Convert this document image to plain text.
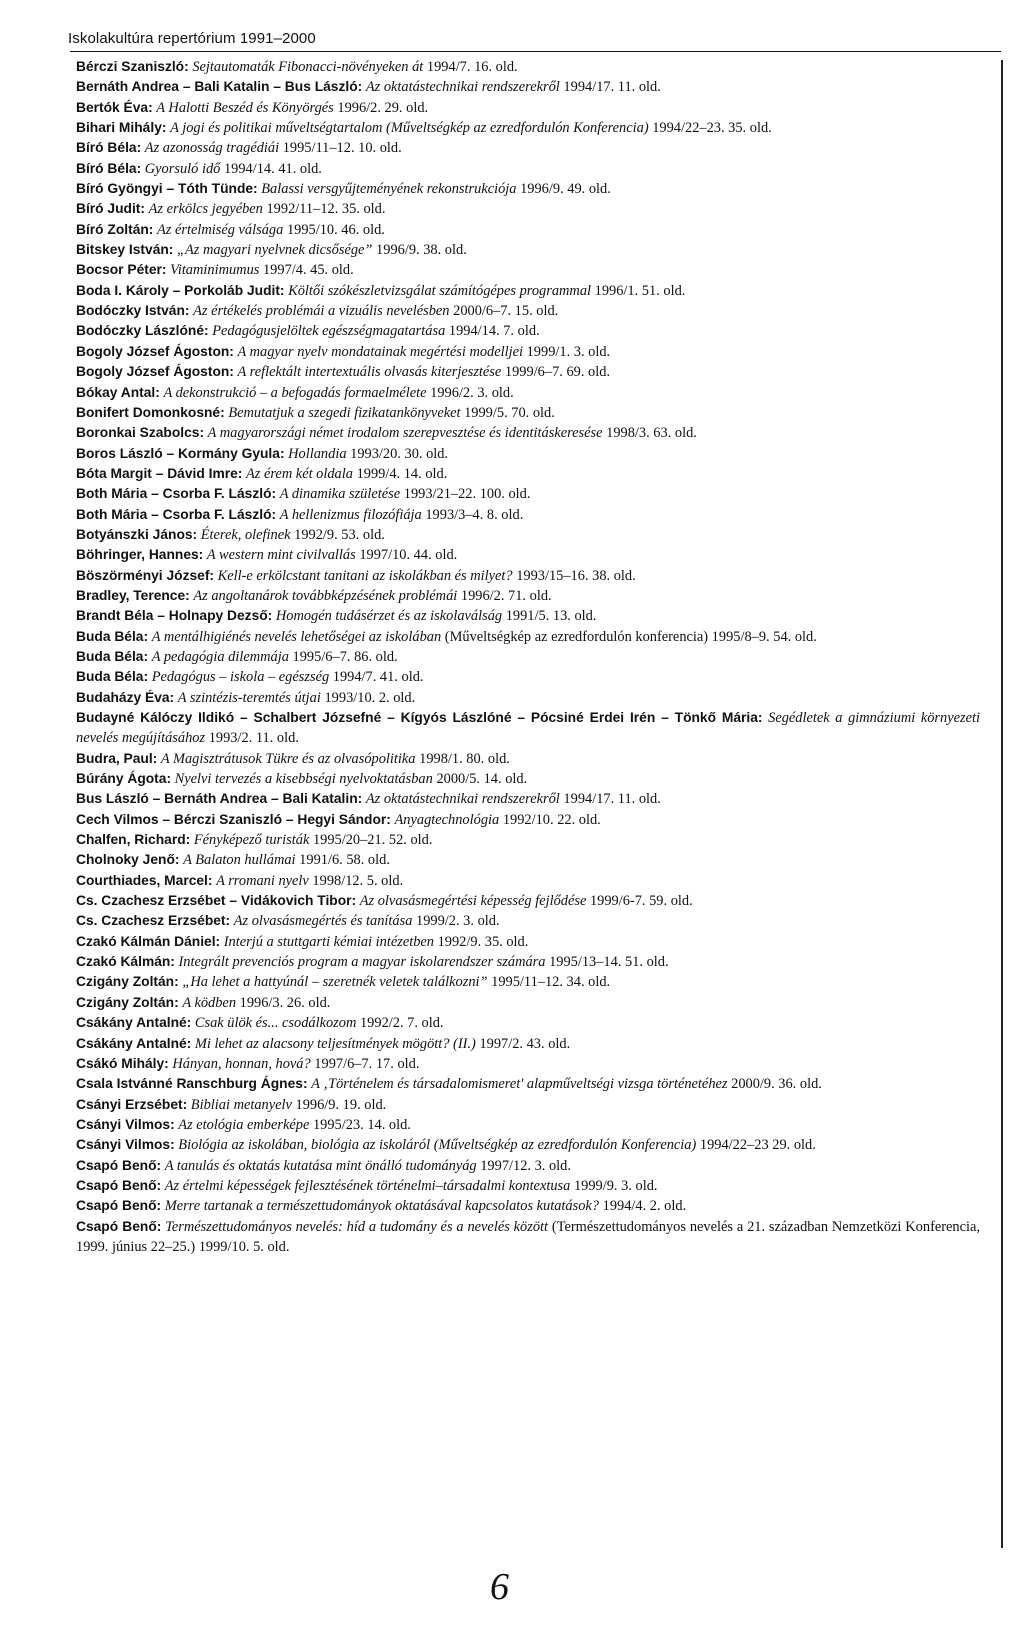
Iskolakultúra repertórium 1991–2000

Bérczi Szaniszló: Sejtautomaták Fibonacci-növényeken át 1994/7. 16. old.

Bernáth Andrea – Bali Katalin – Bus László: Az oktatástechnikai rendszerekről 1994/17. 11. old.

Bertók Éva: A Halotti Beszéd és Könyörgés 1996/2. 29. old.

Bihari Mihály: A jogi és politikai műveltségtartalom (Műveltségkép az ezredfordulón Konferencia) 1994/22–23. 35. old.

Bíró Béla: Az azonosság tragédiái 1995/11–12. 10. old.

Bíró Béla: Gyorsuló idő 1994/14. 41. old.

Bíró Gyöngyi – Tóth Tünde: Balassi versgyűjteményének rekonstrukciója 1996/9. 49. old.

Bíró Judit: Az erkölcs jegyében 1992/11–12. 35. old.

Bíró Zoltán: Az értelmiség válsága 1995/10. 46. old.

Bitskey István: „Az magyari nyelvnek dicsősége” 1996/9. 38. old.

Bocsor Péter: Vitaminimumus 1997/4. 45. old.

Boda I. Károly – Porkoláb Judit: Költői szókészletvizsgálat számítógépes programmal 1996/1. 51. old.

Bodóczky István: Az értékelés problémái a vizuális nevelésben 2000/6–7. 15. old.

Bodóczky Lászlóné: Pedagógusjelöltek egészségmagatartása 1994/14. 7. old.

Bogoly József Ágoston: A magyar nyelv mondatainak megértési modelljei 1999/1. 3. old.

Bogoly József Ágoston: A reflektált intertextuális olvasás kiterjesztése 1999/6–7. 69. old.

Bókay Antal: A dekonstrukció – a befogadás formaelmélete 1996/2. 3. old.

Bonifert Domonkosné: Bemutatjuk a szegedi fizikatankönyveket 1999/5. 70. old.

Boronkai Szabolcs: A magyarországi német irodalom szerepvesztése és identitáskeresése 1998/3. 63. old.

Boros László – Kormány Gyula: Hollandia 1993/20. 30. old.

Bóta Margit – Dávid Imre: Az érem két oldala 1999/4. 14. old.

Both Mária – Csorba F. László: A dinamika születése 1993/21–22. 100. old.

Both Mária – Csorba F. László: A hellenizmus filozófiája 1993/3–4. 8. old.

Botyánszki János: Éterek, olefinek 1992/9. 53. old.

Böhringer, Hannes: A western mint civilvallás 1997/10. 44. old.

Böszörményi József: Kell-e erkölcstant tanitani az iskolákban és milyet? 1993/15–16. 38. old.

Bradley, Terence: Az angoltanárok továbbképzésének problémái 1996/2. 71. old.

Brandt Béla – Holnapy Dezső: Homogén tudásérzet és az iskolaválság 1991/5. 13. old.

Buda Béla: A mentálhigiénés nevelés lehetőségei az iskolában (Műveltségkép az ezredfordulón konferencia) 1995/8–9. 54. old.

Buda Béla: A pedagógia dilemmája 1995/6–7. 86. old.

Buda Béla: Pedagógus – iskola – egészség 1994/7. 41. old.

Budaházy Éva: A szintézis-teremtés útjai 1993/10. 2. old.

Budayné Kálóczy Ildikó – Schalbert Józsefné – Kígyós Lászlóné – Pócsiné Erdei Irén – Tönkő Mária: Segédletek a gimnáziumi környezeti nevelés megújításához 1993/2. 11. old.

Budra, Paul: A Magisztrátusok Tükre és az olvasópolitika 1998/1. 80. old.

Búrány Ágota: Nyelvi tervezés a kisebbségi nyelvoktatásban 2000/5. 14. old.

Bus László – Bernáth Andrea – Bali Katalin: Az oktatástechnikai rendszerekről 1994/17. 11. old.

Cech Vilmos – Bérczi Szaniszló – Hegyi Sándor: Anyagtechnológia 1992/10. 22. old.

Chalfen, Richard: Fényképező turisták 1995/20–21. 52. old.

Cholnoky Jenő: A Balaton hullámai 1991/6. 58. old.

Courthiades, Marcel: A rromani nyelv 1998/12. 5. old.

Cs. Czachesz Erzsébet – Vidákovich Tibor: Az olvasásmegértési képesség fejlődése 1999/6-7. 59. old.

Cs. Czachesz Erzsébet: Az olvasásmegértés és tanítása 1999/2. 3. old.

Czakó Kálmán Dániel: Interjú a stuttgarti kémiai intézetben 1992/9. 35. old.

Czakó Kálmán: Integrált prevenciós program a magyar iskolarendszer számára 1995/13–14. 51. old.

Czigány Zoltán: „Ha lehet a hattyúnál – szeretnék veletek találkozni” 1995/11–12. 34. old.

Czigány Zoltán: A ködben 1996/3. 26. old.

Csákány Antalné: Csak ülök és... csodálkozom 1992/2. 7. old.

Csákány Antalné: Mi lehet az alacsony teljesítmények mögött? (II.) 1997/2. 43. old.

Csákó Mihály: Hányan, honnan, hová? 1997/6–7. 17. old.

Csala Istvánné Ranschburg Ágnes: A ‚Történelem és társadalomismeret' alapműveltségi vizsga történetéhez 2000/9. 36. old.

Csányi Erzsébet: Bibliai metanyelv 1996/9. 19. old.

Csányi Vilmos: Az etológia emberképe 1995/23. 14. old.

Csányi Vilmos: Biológia az iskolában, biológia az iskoláról (Műveltségkép az ezredfordulón Konferencia) 1994/22–23 29. old.

Csapó Benő: A tanulás és oktatás kutatása mint önálló tudományág 1997/12. 3. old.

Csapó Benő: Az értelmi képességek fejlesztésének történelmi–társadalmi kontextusa 1999/9. 3. old.

Csapó Benő: Merre tartanak a természettudományok oktatásával kapcsolatos kutatások? 1994/4. 2. old.

Csapó Benő: Természettudományos nevelés: híd a tudomány és a nevelés között (Természettudományos nevelés a 21. században Nemzetközi Konferencia, 1999. június 22–25.) 1999/10. 5. old.

6
